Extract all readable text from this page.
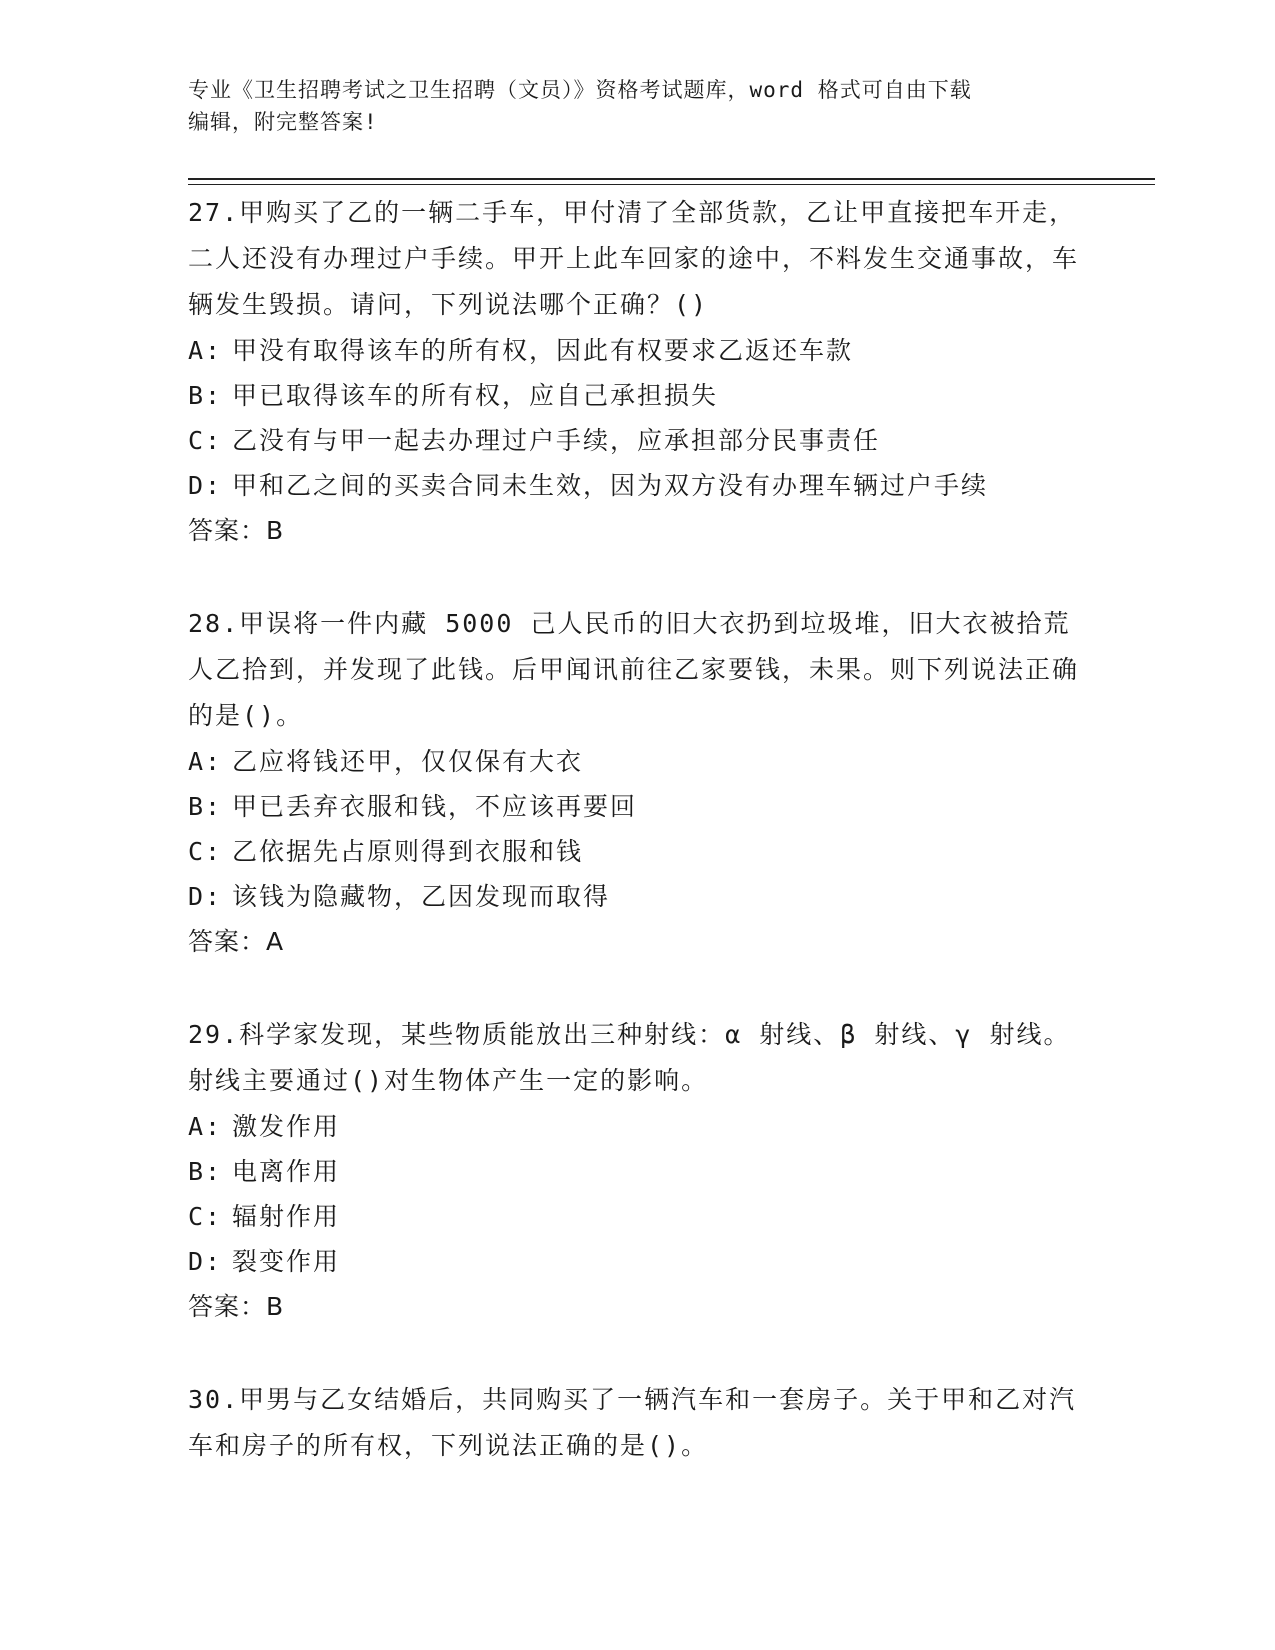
专业《卫生招聘考试之卫生招聘（文员）》资格考试题库，word 格式可自由下载
编辑，附完整答案!
27.甲购买了乙的一辆二手车，甲付清了全部货款，乙让甲直接把车开走，二人还没有办理过户手续。甲开上此车回家的途中，不料发生交通事故，车辆发生毁损。请问，下列说法哪个正确？()
A: 甲没有取得该车的所有权，因此有权要求乙返还车款
B: 甲已取得该车的所有权，应自己承担损失
C: 乙没有与甲一起去办理过户手续，应承担部分民事责任
D: 甲和乙之间的买卖合同未生效，因为双方没有办理车辆过户手续
答案：B
28.甲误将一件内藏 5000 己人民币的旧大衣扔到垃圾堆，旧大衣被拾荒人乙拾到，并发现了此钱。后甲闻讯前往乙家要钱，未果。则下列说法正确的是()。
A: 乙应将钱还甲，仅仅保有大衣
B: 甲已丢弃衣服和钱，不应该再要回
C: 乙依据先占原则得到衣服和钱
D: 该钱为隐藏物，乙因发现而取得
答案：A
29.科学家发现，某些物质能放出三种射线：α 射线、β 射线、γ 射线。射线主要通过()对生物体产生一定的影响。
A: 激发作用
B: 电离作用
C: 辐射作用
D: 裂变作用
答案：B
30.甲男与乙女结婚后，共同购买了一辆汽车和一套房子。关于甲和乙对汽车和房子的所有权，下列说法正确的是()。
